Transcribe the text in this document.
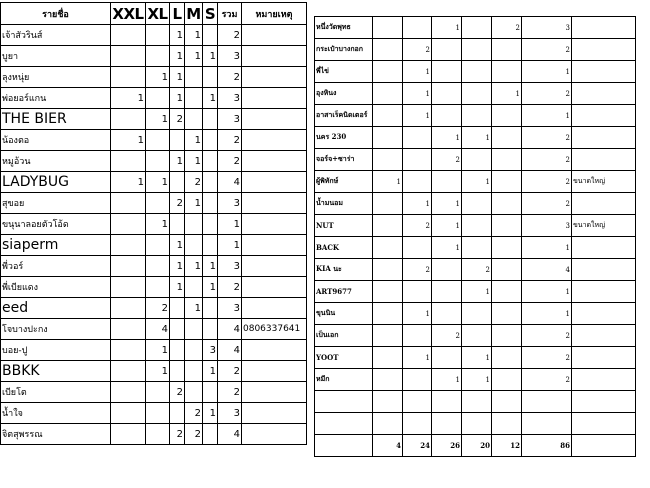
รายชื่อ	XXL	XL	L	M	S	รวม	หมายเหตุ
เจ้าสัวรินส์			1	1		2	
บูยา			1	1	1	3	
ลุงหนุ่ย		1	1			2	
พ่อยอร์แกน	1		1		1	3	
THE BIER		1	2			3	
น้องตอ	1			1		2	
หมูอ้วน			1	1		2	
LADYBUG	1	1		2		4	
สุขอย			2	1		3	
ขนุนาลอยตัวโอ้ด		1				1	
siaperm			1			1	
พี่วอร์			1	1	1	3	
พี่เบียแดง			1		1	2	
eed		2		1		3	
โจบางปะกง		4				4	0806337641
บอย-ปู		1			3	4	
BBKK		1			1	2	
เบียโต			2			2	
น้ำใจ				2	1	3	
จิตสุพรรณ			2	2		4	
หนึ่งวัดพุทธ			1		2	3	
กระเป๋าบางกอก		2				2	
พี่ไข่		1				1	
อุงหินง		1			1	2	
อาสาเร็คนิดเตอร์		1				1	
นคร 230			1	1		2	
จอร์จ+ซาร่า			2			2	
ผู้พิทักษ์	1			1		2	ขนาดใหญ่
น้ำมนอม		1	1			2	
NUT		2	1			3	ขนาดใหญ่
BACK			1			1	
KIA นะ		2		2		4	
ART9677				1		1	
ขุนนิน		1				1	
เป็นเอก			2			2	
YOOT		1		1		2	
หมีก			1	1		2	

	4	24	26	20	12	86	
